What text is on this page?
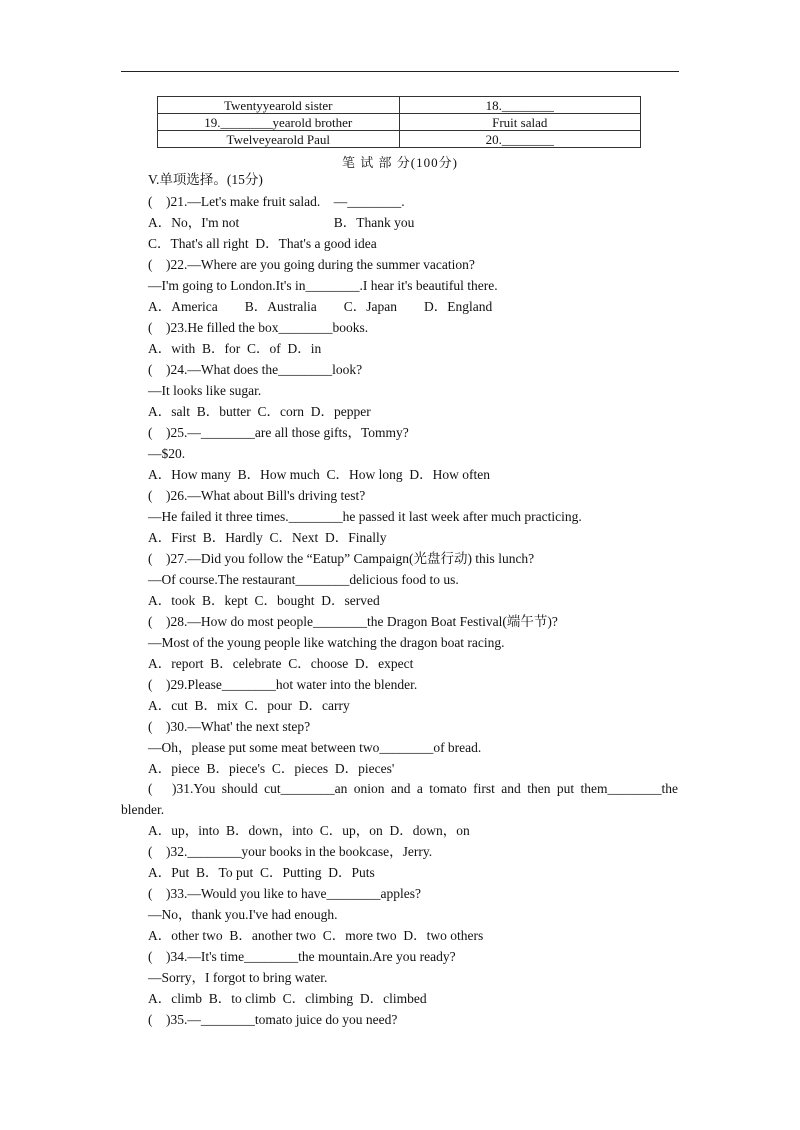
Twentyyearold sister	18.________
19.________yearold brother	Fruit salad
Twelveyearold Paul	20.________
笔 试 部 分(100分)
V.单项选择。(15分)
(　)21.—Let's make fruit salad.　—________.
A．No，I'm not　　　　　　　B．Thank you
C．That's all right  D．That's a good idea
(　)22.—Where are you going during the summer vacation?
—I'm going to London.It's in________.I hear it's beautiful there.
A．America　　B．Australia　　C．Japan　　D．England
(　)23.He filled the box________books.
A．with  B．for  C．of  D．in
(　)24.—What does the________look?
—It looks like sugar.
A．salt  B．butter  C．corn  D．pepper
(　)25.—________are all those gifts，Tommy?
—$20.
A．How many  B．How much  C．How long  D．How often
(　)26.—What about Bill's driving test?
—He failed it three times.________he passed it last week after much practicing.
A．First  B．Hardly  C．Next  D．Finally
(　)27.—Did you follow the “Eatup” Campaign(光盘行动) this lunch?
—Of course.The restaurant________delicious food to us.
A．took  B．kept  C．bought  D．served
(　)28.—How do most people________the Dragon Boat Festival(端午节)?
—Most of the young people like watching the dragon boat racing.
A．report  B．celebrate  C．choose  D．expect
(　)29.Please________hot water into the blender.
A．cut  B．mix  C．pour  D．carry
(　)30.—What' the next step?
—Oh，please put some meat between two________of bread.
A．piece  B．piece's  C．pieces  D．pieces'
(　)31.You should cut________an onion and a tomato first and then put them________the
blender.
A．up，into  B．down，into  C．up，on  D．down，on
(　)32.________your books in the bookcase，Jerry.
A．Put  B．To put  C．Putting  D．Puts
(　)33.—Would you like to have________apples?
—No，thank you.I've had enough.
A．other two  B．another two  C．more two  D．two others
(　)34.—It's time________the mountain.Are you ready?
—Sorry，I forgot to bring water.
A．climb  B．to climb  C．climbing  D．climbed
(　)35.—________tomato juice do you need?
